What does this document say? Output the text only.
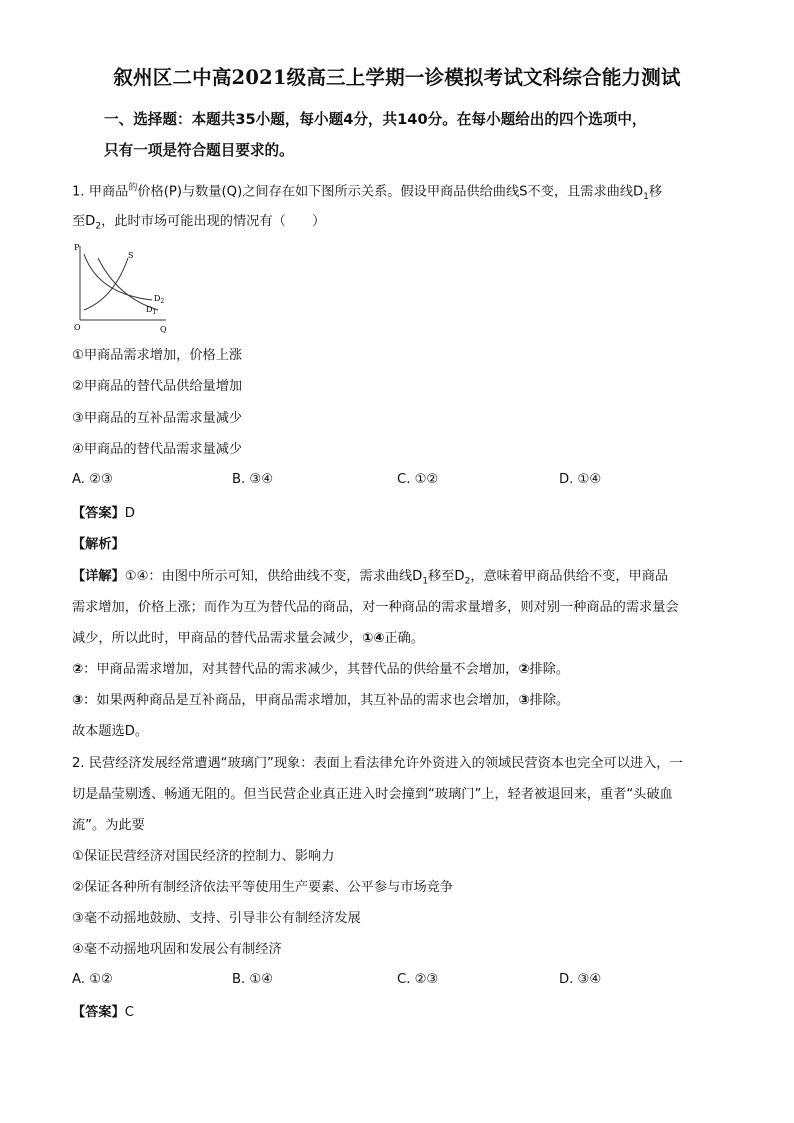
叙州区二中高2021级高三上学期一诊模拟考试文科综合能力测试
一、选择题：本题共35小题，每小题4分，共140分。在每小题给出的四个选项中，
只有一项是符合题目要求的。
1. 甲商品$^的$价格(P)与数量(Q)之间存在如下图所示关系。假设甲商品供给曲线S不变，且需求曲线$D_1$移
至$D_2$，此时市场可能出现的情况有（　　）
P
Q
O
S
$D_2$
$D_1$
①甲商品需求增加，价格上涨
②甲商品的替代品供给量增加
③甲商品的互补品需求量减少
④甲商品的替代品需求量减少
A. ②③	B. ③④	C. ①②	D. ①④
【答案】D
【解析】
【详解】①④：由图中所示可知，供给曲线不变，需求曲线$D_1$移至$D_2$，意味着甲商品供给不变，甲商品
需求增加，价格上涨；而作为互为替代品的商品，对一种商品的需求量增多，则对别一种商品的需求量会
减少，所以此时，甲商品的替代品需求量会减少，①④正确。
②：甲商品需求增加，对其替代品的需求减少，其替代品的供给量不会增加，②排除。
③：如果两种商品是互补商品，甲商品需求增加，其互补品的需求也会增加，③排除。
故本题选D。
2. 民营经济发展经常遭遇“玻璃门”现象：表面上看法律允许外资进入的领域民营资本也完全可以进入，一
切是晶莹剔透、畅通无阻的。但当民营企业真正进入时会撞到“玻璃门”上，轻者被退回来，重者“头破血
流”。为此要
①保证民营经济对国民经济的控制力、影响力
②保证各种所有制经济依法平等使用生产要素、公平参与市场竞争
③毫不动摇地鼓励、支持、引导非公有制经济发展
④毫不动摇地巩固和发展公有制经济
A. ①②	B. ①④	C. ②③	D. ③④
【答案】C
